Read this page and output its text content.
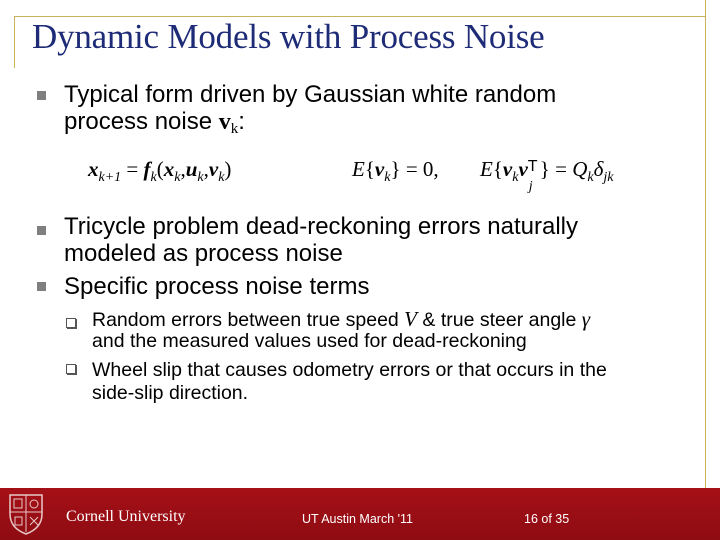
Dynamic Models with Process Noise
Typical form driven by Gaussian white random
process noise vk:
$x_{k+1} = f_k(x_k,u_k,v_k)$	$E\{v_k\} = 0$, $E\{v_kv$ T
j
} = $Q_k\delta_{jk}$
Tricycle problem dead-reckoning errors naturally
modeled as process noise
Specific process noise terms
Random errors between true speed V & true steer angle γ
and the measured values used for dead-reckoning
Wheel slip that causes odometry errors or that occurs in the
side-slip direction.
Cornell University	UT Austin March '11	16 of 35
